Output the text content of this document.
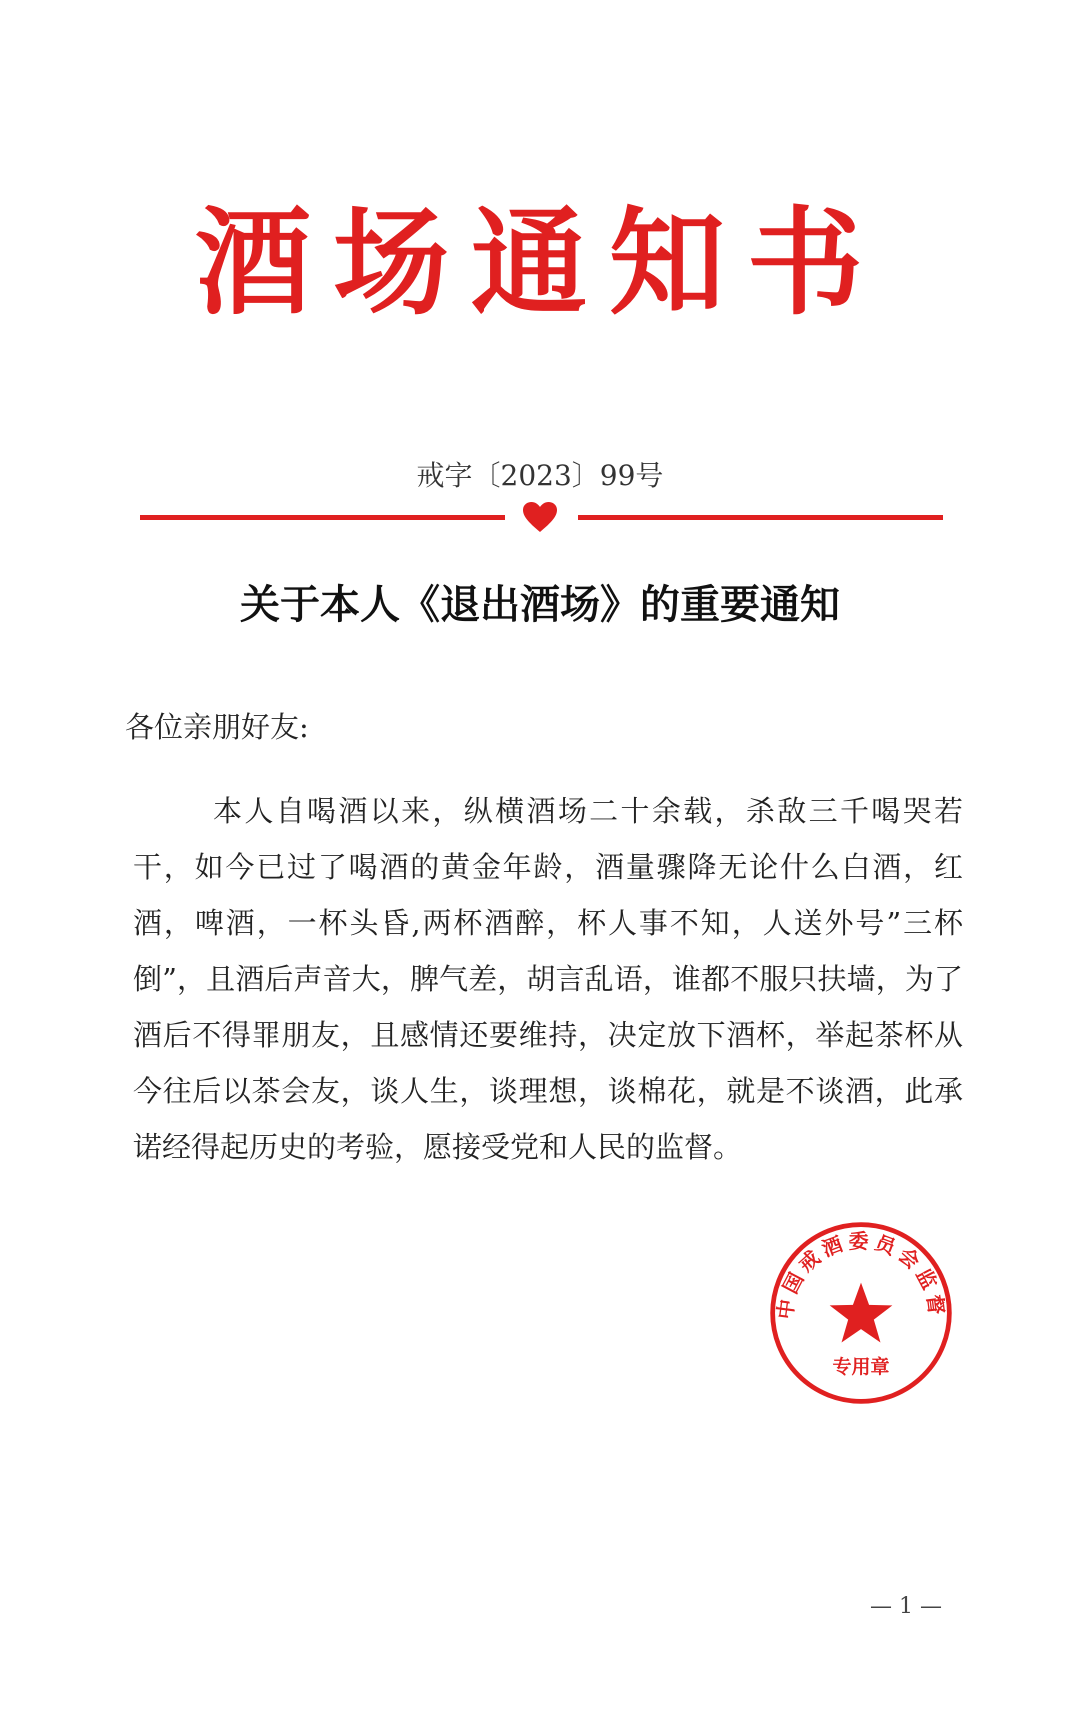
酒场通知书
戒字〔2023〕99号
关于本人《退出酒场》的重要通知
各位亲朋好友:

本人自喝酒以来，纵横酒场二十余载，杀敌三千喝哭若干，如今已过了喝酒的黄金年龄，酒量骤降无论什么白酒，红酒，啤酒，一杯头昏,两杯酒醉，杯人事不知，人送外号”三杯倒”，且酒后声音大，脾气差，胡言乱语，谁都不服只扶墙，为了酒后不得罪朋友，且感情还要维持，决定放下酒杯，举起茶杯从今往后以茶会友，谈人生，谈理想，谈棉花，就是不谈酒，此承诺经得起历史的考验，愿接受党和人民的监督。

中国戒酒委员会监督
专用章
— 1 —
